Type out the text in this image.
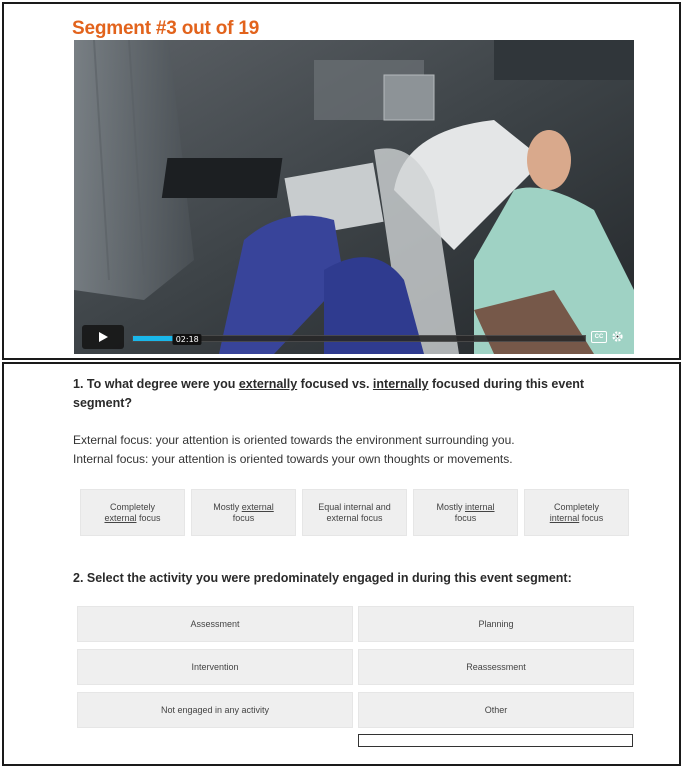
Segment #3 out of 19
02:18	CC

1. To what degree were you externally focused vs. internally focused during this event segment?

External focus: your attention is oriented towards the environment surrounding you.
Internal focus: your attention is oriented towards your own thoughts or movements.
Completely
external focus
Mostly external
focus
Equal internal and
external focus
Mostly internal
focus
Completely
internal focus

2. Select the activity you were predominately engaged in during this event segment:

Assessment	Planning
Intervention	Reassessment
Not engaged in any activity	Other
